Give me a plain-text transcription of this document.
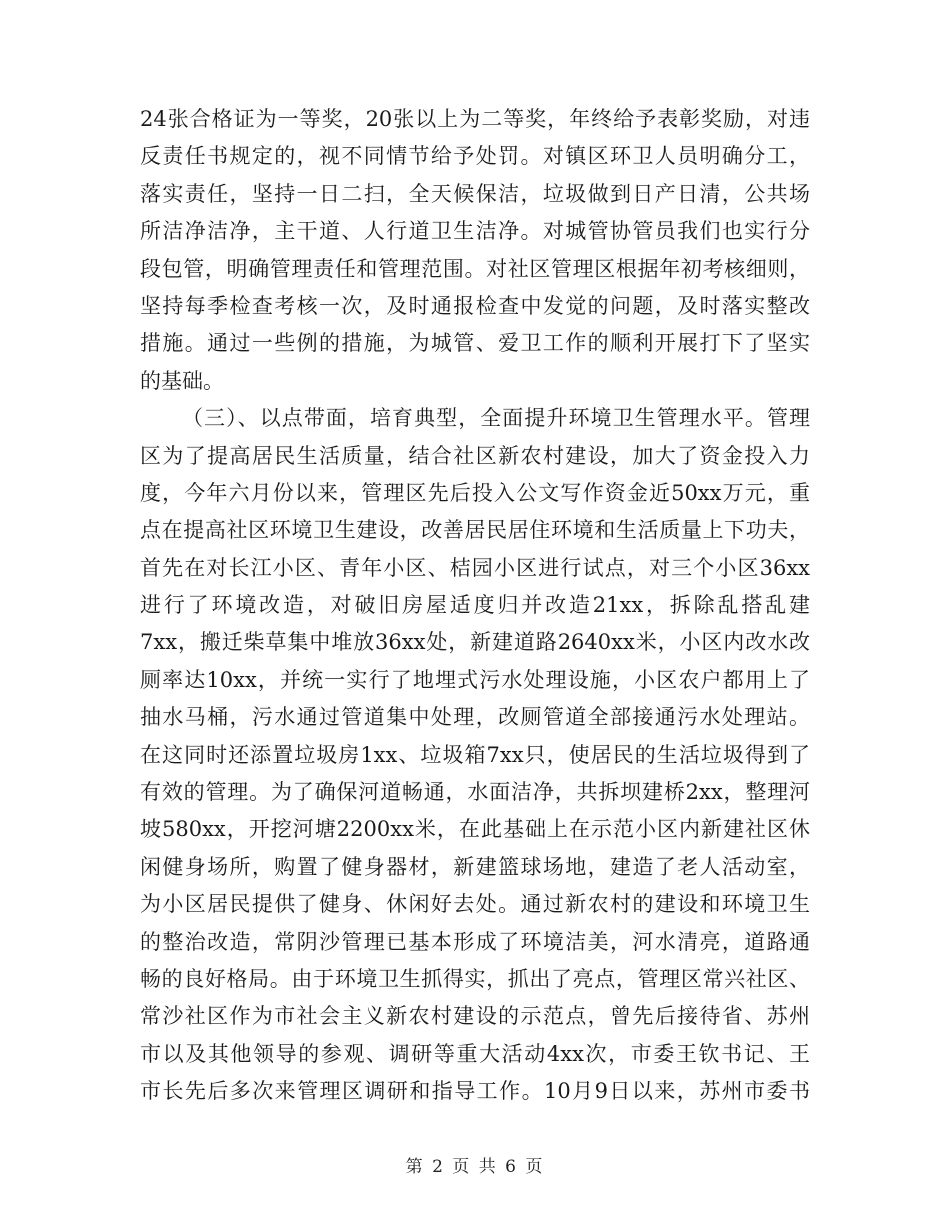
24张合格证为一等奖，20张以上为二等奖，年终给予表彰奖励，对违
反责任书规定的，视不同情节给予处罚。对镇区环卫人员明确分工，
落实责任，坚持一日二扫，全天候保洁，垃圾做到日产日清，公共场
所洁净洁净，主干道、人行道卫生洁净。对城管协管员我们也实行分
段包管，明确管理责任和管理范围。对社区管理区根据年初考核细则，
坚持每季检查考核一次，及时通报检查中发觉的问题，及时落实整改
措施。通过一些例的措施，为城管、爱卫工作的顺利开展打下了坚实
的基础。
（三）、以点带面，培育典型，全面提升环境卫生管理水平。管理
区为了提高居民生活质量，结合社区新农村建设，加大了资金投入力
度，今年六月份以来，管理区先后投入公文写作资金近50xx万元，重
点在提高社区环境卫生建设，改善居民居住环境和生活质量上下功夫，
首先在对长江小区、青年小区、桔园小区进行试点，对三个小区36xx
进行了环境改造，对破旧房屋适度归并改造21xx，拆除乱搭乱建
7xx，搬迁柴草集中堆放36xx处，新建道路2640xx米，小区内改水改
厕率达10xx，并统一实行了地埋式污水处理设施，小区农户都用上了
抽水马桶，污水通过管道集中处理，改厕管道全部接通污水处理站。
在这同时还添置垃圾房1xx、垃圾箱7xx只，使居民的生活垃圾得到了
有效的管理。为了确保河道畅通，水面洁净，共拆坝建桥2xx，整理河
坡580xx，开挖河塘2200xx米，在此基础上在示范小区内新建社区休
闲健身场所，购置了健身器材，新建篮球场地，建造了老人活动室，
为小区居民提供了健身、休闲好去处。通过新农村的建设和环境卫生
的整治改造，常阴沙管理已基本形成了环境洁美，河水清亮，道路通
畅的良好格局。由于环境卫生抓得实，抓出了亮点，管理区常兴社区、
常沙社区作为市社会主义新农村建设的示范点，曾先后接待省、苏州
市以及其他领导的参观、调研等重大活动4xx次，市委王钦书记、王
市长先后多次来管理区调研和指导工作。10月9日以来，苏州市委书
第 2 页 共 6 页
